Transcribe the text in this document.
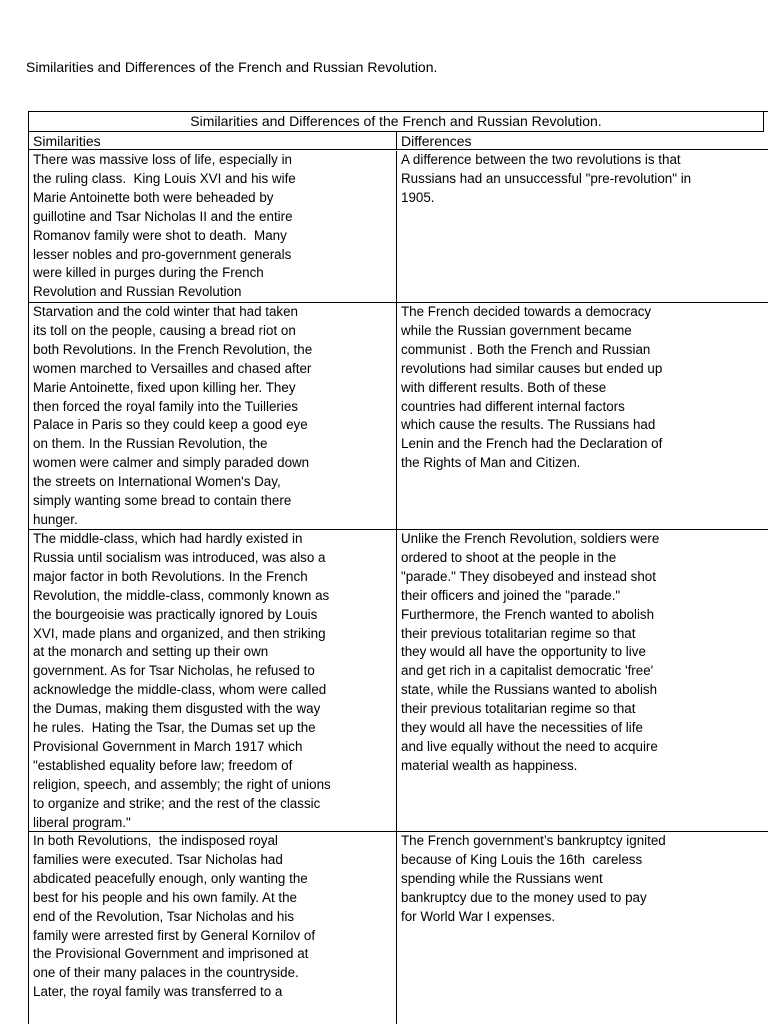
Similarities and Differences of the French and Russian Revolution.
Similarities and Differences of the French and Russian Revolution.
Similarities	Differences
There was massive loss of life, especially in
the ruling class.  King Louis XVI and his wife
Marie Antoinette both were beheaded by
guillotine and Tsar Nicholas II and the entire
Romanov family were shot to death.  Many
lesser nobles and pro-government generals
were killed in purges during the French
Revolution and Russian Revolution
A difference between the two revolutions is that
Russians had an unsuccessful "pre-revolution" in
1905.
Starvation and the cold winter that had taken
its toll on the people, causing a bread riot on
both Revolutions. In the French Revolution, the
women marched to Versailles and chased after
Marie Antoinette, fixed upon killing her. They
then forced the royal family into the Tuilleries
Palace in Paris so they could keep a good eye
on them. In the Russian Revolution, the
women were calmer and simply paraded down
the streets on International Women's Day,
simply wanting some bread to contain there
hunger.
The French decided towards a democracy
while the Russian government became
communist . Both the French and Russian
revolutions had similar causes but ended up
with different results. Both of these
countries had different internal factors
which cause the results. The Russians had
Lenin and the French had the Declaration of
the Rights of Man and Citizen.
The middle-class, which had hardly existed in
Russia until socialism was introduced, was also a
major factor in both Revolutions. In the French
Revolution, the middle-class, commonly known as
the bourgeoisie was practically ignored by Louis
XVI, made plans and organized, and then striking
at the monarch and setting up their own
government. As for Tsar Nicholas, he refused to
acknowledge the middle-class, whom were called
the Dumas, making them disgusted with the way
he rules.  Hating the Tsar, the Dumas set up the
Provisional Government in March 1917 which
"established equality before law; freedom of
religion, speech, and assembly; the right of unions
to organize and strike; and the rest of the classic
liberal program."
Unlike the French Revolution, soldiers were
ordered to shoot at the people in the
"parade." They disobeyed and instead shot
their officers and joined the "parade."
Furthermore, the French wanted to abolish
their previous totalitarian regime so that
they would all have the opportunity to live
and get rich in a capitalist democratic 'free'
state, while the Russians wanted to abolish
their previous totalitarian regime so that
they would all have the necessities of life
and live equally without the need to acquire
material wealth as happiness.
In both Revolutions,  the indisposed royal
families were executed. Tsar Nicholas had
abdicated peacefully enough, only wanting the
best for his people and his own family. At the
end of the Revolution, Tsar Nicholas and his
family were arrested first by General Kornilov of
the Provisional Government and imprisoned at
one of their many palaces in the countryside.
Later, the royal family was transferred to a
The French government’s bankruptcy ignited
because of King Louis the 16th  careless
spending while the Russians went
bankruptcy due to the money used to pay
for World War I expenses.
